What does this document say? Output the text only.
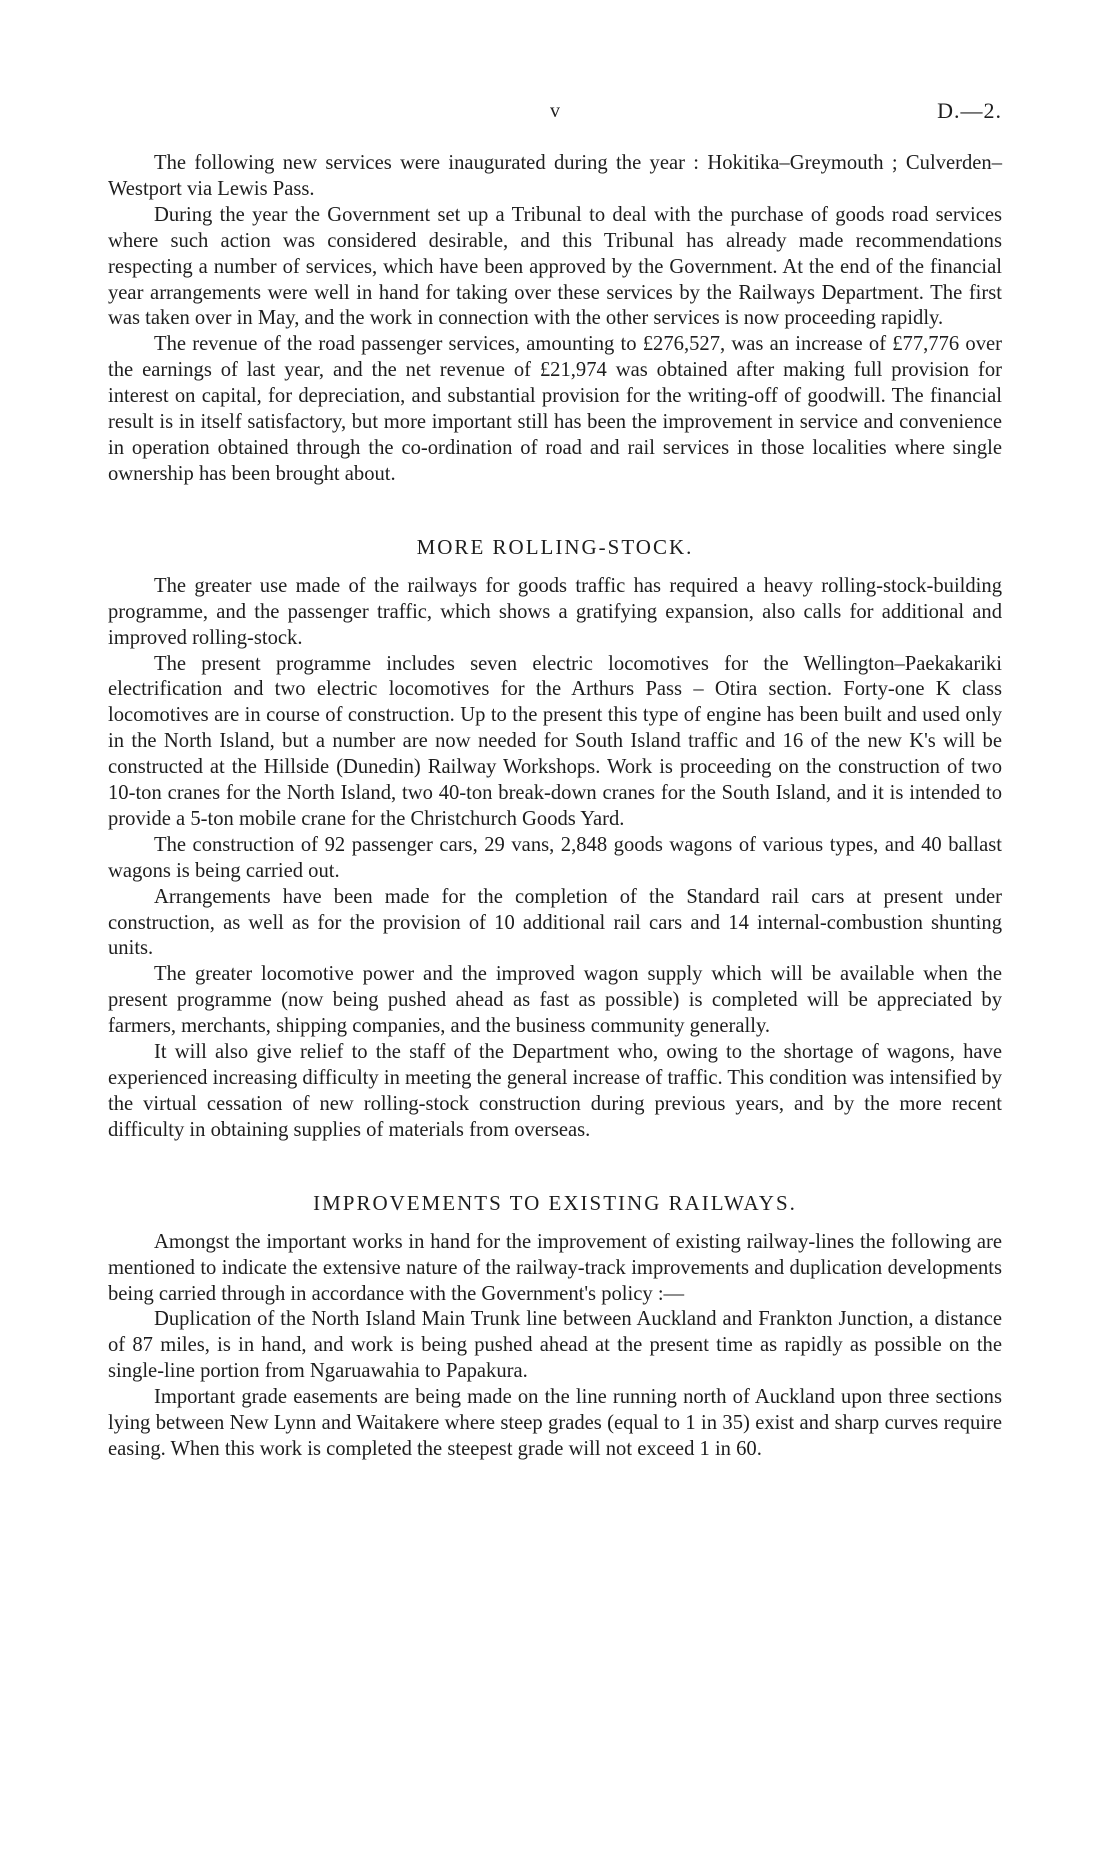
v	D.—2.

The following new services were inaugurated during the year : Hokitika–Greymouth ; Culverden–Westport via Lewis Pass.

During the year the Government set up a Tribunal to deal with the purchase of goods road services where such action was considered desirable, and this Tribunal has already made recommendations respecting a number of services, which have been approved by the Government. At the end of the financial year arrangements were well in hand for taking over these services by the Railways Department. The first was taken over in May, and the work in connection with the other services is now proceeding rapidly.

The revenue of the road passenger services, amounting to £276,527, was an increase of £77,776 over the earnings of last year, and the net revenue of £21,974 was obtained after making full provision for interest on capital, for depreciation, and substantial provision for the writing-off of goodwill. The financial result is in itself satisfactory, but more important still has been the improvement in service and convenience in operation obtained through the co-ordination of road and rail services in those localities where single ownership has been brought about.

MORE ROLLING-STOCK.

The greater use made of the railways for goods traffic has required a heavy rolling-stock-building programme, and the passenger traffic, which shows a gratifying expansion, also calls for additional and improved rolling-stock.

The present programme includes seven electric locomotives for the Wellington–Paekakariki electrification and two electric locomotives for the Arthurs Pass – Otira section. Forty-one K class locomotives are in course of construction. Up to the present this type of engine has been built and used only in the North Island, but a number are now needed for South Island traffic and 16 of the new K's will be constructed at the Hillside (Dunedin) Railway Workshops. Work is proceeding on the construction of two 10-ton cranes for the North Island, two 40-ton break-down cranes for the South Island, and it is intended to provide a 5-ton mobile crane for the Christchurch Goods Yard.

The construction of 92 passenger cars, 29 vans, 2,848 goods wagons of various types, and 40 ballast wagons is being carried out.

Arrangements have been made for the completion of the Standard rail cars at present under construction, as well as for the provision of 10 additional rail cars and 14 internal-combustion shunting units.

The greater locomotive power and the improved wagon supply which will be available when the present programme (now being pushed ahead as fast as possible) is completed will be appreciated by farmers, merchants, shipping companies, and the business community generally.

It will also give relief to the staff of the Department who, owing to the shortage of wagons, have experienced increasing difficulty in meeting the general increase of traffic. This condition was intensified by the virtual cessation of new rolling-stock construction during previous years, and by the more recent difficulty in obtaining supplies of materials from overseas.

IMPROVEMENTS TO EXISTING RAILWAYS.

Amongst the important works in hand for the improvement of existing railway-lines the following are mentioned to indicate the extensive nature of the railway-track improvements and duplication developments being carried through in accordance with the Government's policy :—

Duplication of the North Island Main Trunk line between Auckland and Frankton Junction, a distance of 87 miles, is in hand, and work is being pushed ahead at the present time as rapidly as possible on the single-line portion from Ngaruawahia to Papakura.

Important grade easements are being made on the line running north of Auckland upon three sections lying between New Lynn and Waitakere where steep grades (equal to 1 in 35) exist and sharp curves require easing. When this work is completed the steepest grade will not exceed 1 in 60.
